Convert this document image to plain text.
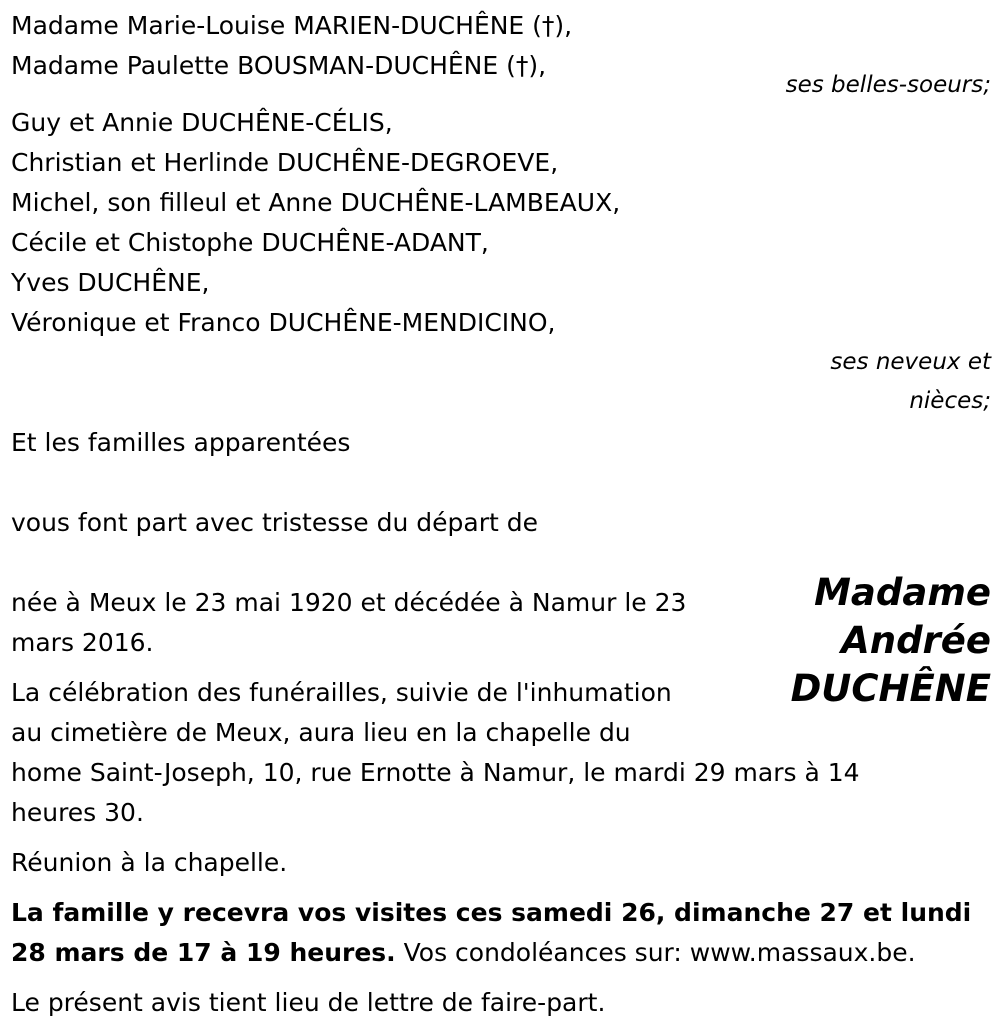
Madame Marie-Louise MARIEN-DUCHÊNE (†),
Madame Paulette BOUSMAN-DUCHÊNE (†),
ses belles-soeurs;
Guy et Annie DUCHÊNE-CÉLIS,
Christian et Herlinde DUCHÊNE-DEGROEVE,
Michel, son filleul et Anne DUCHÊNE-LAMBEAUX,
Cécile et Chistophe DUCHÊNE-ADANT,
Yves DUCHÊNE,
Véronique et Franco DUCHÊNE-MENDICINO,
ses neveux et
nièces;
Et les familles apparentées
vous font part avec tristesse du départ de
Madame
Andrée
DUCHÊNE
née à Meux le 23 mai 1920 et décédée à Namur le 23 mars 2016.
La célébration des funérailles, suivie de l'inhumation au cimetière de Meux, aura lieu en la chapelle du home Saint-Joseph, 10, rue Ernotte à Namur, le mardi 29 mars à 14 heures 30.
Réunion à la chapelle.
La famille y recevra vos visites ces samedi 26, dimanche 27 et lundi 28 mars de 17 à 19 heures. Vos condoléances sur: www.massaux.be.
Le présent avis tient lieu de lettre de faire-part.
